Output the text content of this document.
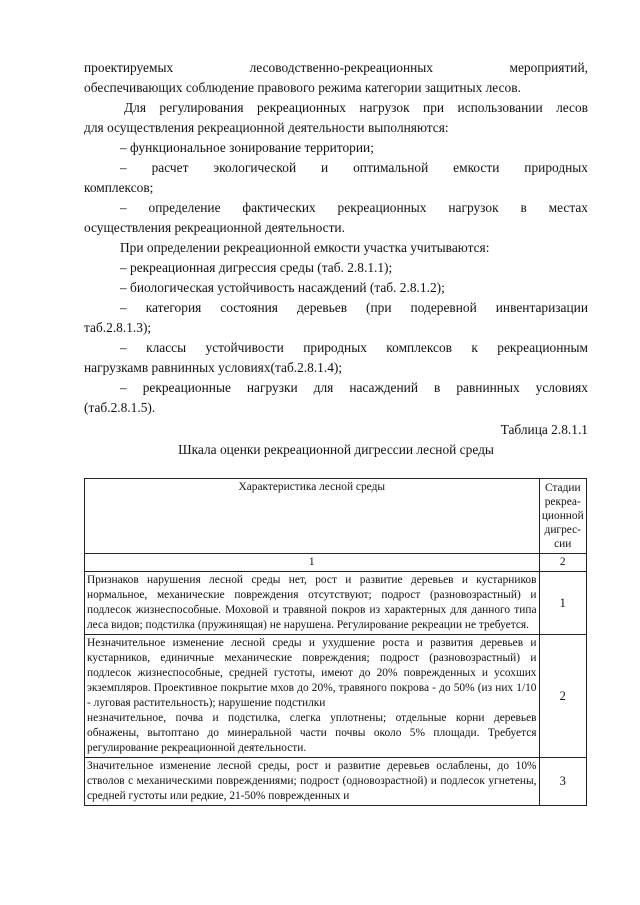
проектируемых лесоводственно-рекреационных мероприятий,

обеспечивающих соблюдение правового режима категории защитных лесов.

Для регулирования рекреационных нагрузок при использовании лесов

для осуществления рекреационной деятельности выполняются:

– функциональное зонирование территории;

– расчет экологической и оптимальной емкости природных

комплексов;

– определение фактических рекреационных нагрузок в местах

осуществления рекреационной деятельности.

При определении рекреационной емкости участка учитываются:

– рекреационная дигрессия среды (таб. 2.8.1.1);

– биологическая устойчивость насаждений (таб. 2.8.1.2);

– категория состояния деревьев (при подеревной инвентаризации

таб.2.8.1.3);

– классы устойчивости природных комплексов к рекреационным

нагрузкамв равнинных условиях(таб.2.8.1.4);

– рекреационные нагрузки для насаждений в равнинных условиях

(таб.2.8.1.5).

Таблица 2.8.1.1

Шкала оценки рекреационной дигрессии лесной среды

Характеристика лесной среды	Стадии рекреа-ционной дигрес-сии
1	2
Признаков нарушения лесной среды нет, рост и развитие деревьев и кустарников нормальное, механические повреждения отсутствуют; подрост (разновозрастный) и подлесок жизнеспособные. Моховой и травяной покров из характерных для данного типа леса видов; подстилка (пружинящая) не нарушена. Регулирование рекреации не требуется.	1

Незначительное изменение лесной среды и ухудшение роста и развития деревьев и кустарников, единичные механические повреждения; подрост (разновозрастный) и подлесок жизнеспособные, средней густоты, имеют до 20% поврежденных и усохших экземпляров. Проективное покрытие мхов до 20%, травяного покрова - до 50% (из них 1/10 - луговая растительность); нарушение подстилки
незначительное, почва и подстилка, слегка уплотнены; отдельные корни деревьев обнажены, вытоптано до минеральной части почвы около 5% площади. Требуется регулирование рекреационной деятельности.	2
Значительное изменение лесной среды, рост и развитие деревьев ослаблены, до 10% стволов с механическими повреждениями; подрост (одновозрастной) и подлесок угнетены, средней густоты или редкие, 21-50% поврежденных и	3
